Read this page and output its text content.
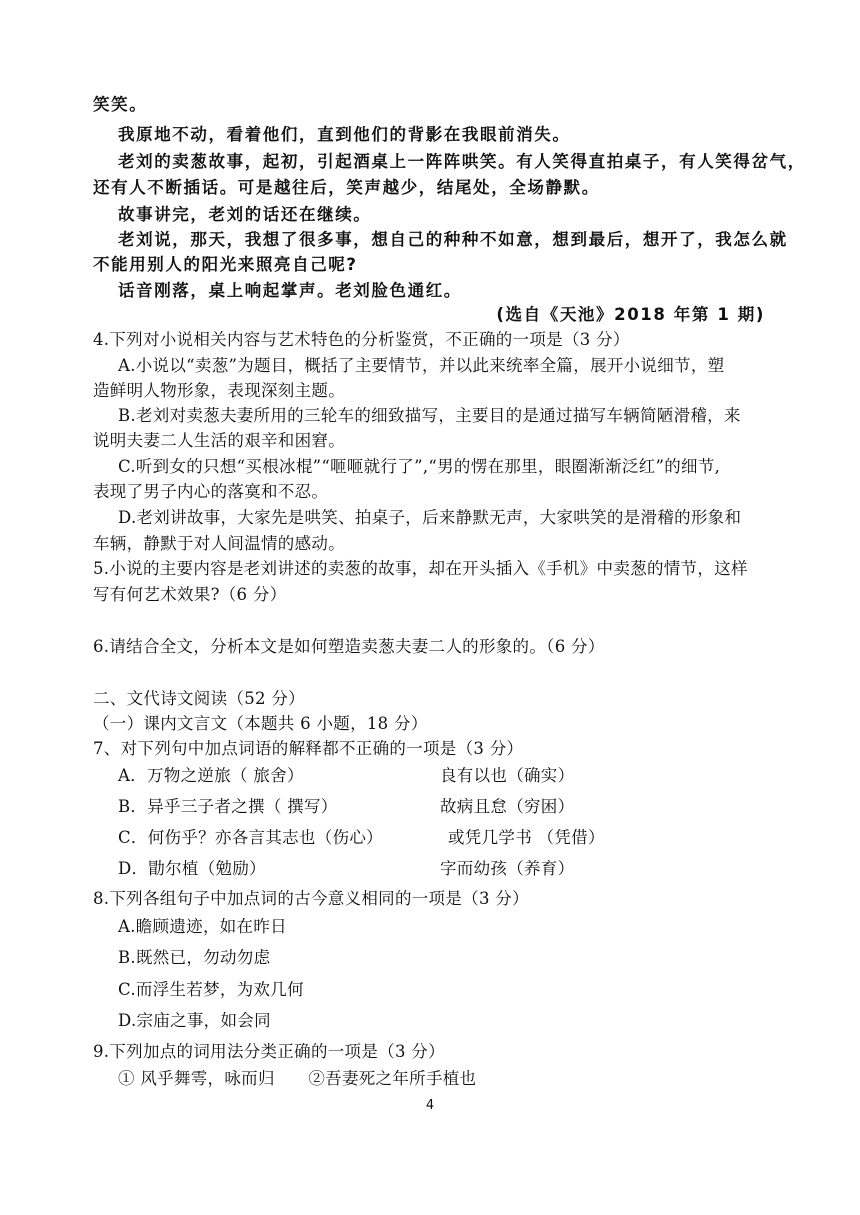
笑笑。
我原地不动，看着他们，直到他们的背影在我眼前消失。
老刘的卖葱故事，起初，引起酒桌上一阵阵哄笑。有人笑得直拍桌子，有人笑得岔气，
还有人不断插话。可是越往后，笑声越少，结尾处，全场静默。
故事讲完，老刘的话还在继续。
老刘说，那天，我想了很多事，想自己的种种不如意，想到最后，想开了，我怎么就
不能用别人的阳光来照亮自己呢?
话音刚落，桌上响起掌声。老刘脸色通红。
(选自《天池》2018 年第 1 期)
4.下列对小说相关内容与艺术特色的分析鉴赏，不正确的一项是（3 分）
A.小说以“卖葱”为题目，概括了主要情节，并以此来统率全篇，展开小说细节，塑
造鲜明人物形象，表现深刻主题。
B.老刘对卖葱夫妻所用的三轮车的细致描写，主要目的是通过描写车辆简陋滑稽，来
说明夫妻二人生活的艰辛和困窘。
C.听到女的只想“买根冰棍”“咂咂就行了”,“男的愣在那里，眼圈渐渐泛红”的细节,
表现了男子内心的落寞和不忍。
D.老刘讲故事，大家先是哄笑、拍桌子，后来静默无声，大家哄笑的是滑稽的形象和
车辆，静默于对人间温情的感动。
5.小说的主要内容是老刘讲述的卖葱的故事，却在开头插入《手机》中卖葱的情节，这样
写有何艺术效果?（6 分）
6.请结合全文，分析本文是如何塑造卖葱夫妻二人的形象的。（6 分）
二、文代诗文阅读（52 分）
（一）课内文言文（本题共 6 小题，18 分）
7、对下列句中加点词语的解释都不正确的一项是（3 分）
A．万物之逆旅（ 旅舍）	良有以也（确实）
B．异乎三子者之撰（ 撰写）	故病且怠（穷困）
C．何伤乎？亦各言其志也（伤心）	或凭几学书 （凭借）
D．勖尔植（勉励）	字而幼孩（养育）
8.下列各组句子中加点词的古今意义相同的一项是（3 分）
A.瞻顾遗迹，如在昨日
B.既然已，勿动勿虑
C.而浮生若梦，为欢几何
D.宗庙之事，如会同
9.下列加点的词用法分类正确的一项是（3 分）
① 风乎舞雩，咏而归　　②吾妻死之年所手植也
4
